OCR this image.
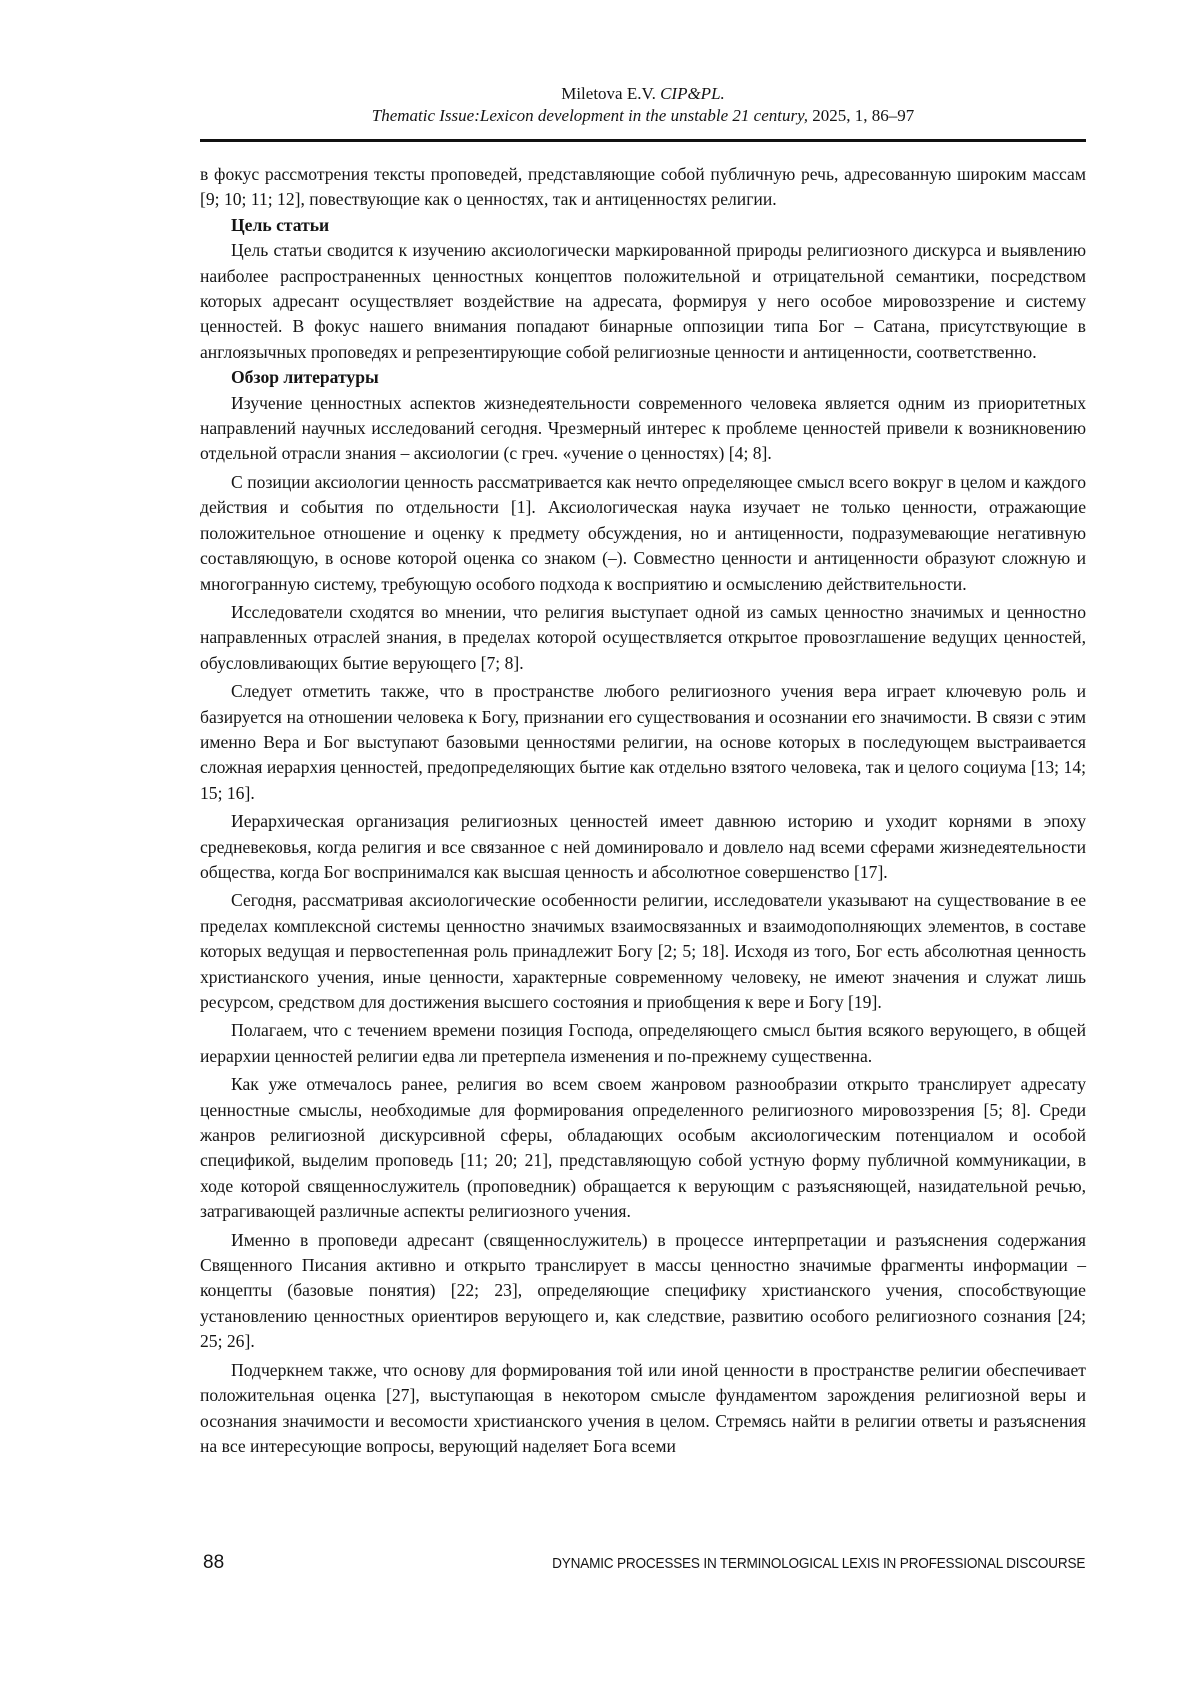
Miletova E.V. CIP&PL.
Thematic Issue:Lexicon development in the unstable 21 century, 2025, 1, 86–97

в фокус рассмотрения тексты проповедей, представляющие собой публичную речь, адресованную широким массам [9; 10; 11; 12], повествующие как о ценностях, так и антиценностях религии.

Цель статьи

Цель статьи сводится к изучению аксиологически маркированной природы религиозного дискурса и выявлению наиболее распространенных ценностных концептов положительной и отрицательной семантики, посредством которых адресант осуществляет воздействие на адресата, формируя у него особое мировоззрение и систему ценностей. В фокус нашего внимания попадают бинарные оппозиции типа Бог – Сатана, присутствующие в англоязычных проповедях и репрезентирующие собой религиозные ценности и антиценности, соответственно.

Обзор литературы

Изучение ценностных аспектов жизнедеятельности современного человека является одним из приоритетных направлений научных исследований сегодня. Чрезмерный интерес к проблеме ценностей привели к возникновению отдельной отрасли знания – аксиологии (с греч. «учение о ценностях) [4; 8].

С позиции аксиологии ценность рассматривается как нечто определяющее смысл всего вокруг в целом и каждого действия и события по отдельности [1]. Аксиологическая наука изучает не только ценности, отражающие положительное отношение и оценку к предмету обсуждения, но и антиценности, подразумевающие негативную составляющую, в основе которой оценка со знаком (–). Совместно ценности и антиценности образуют сложную и многогранную систему, требующую особого подхода к восприятию и осмыслению действительности.

Исследователи сходятся во мнении, что религия выступает одной из самых ценностно значимых и ценностно направленных отраслей знания, в пределах которой осуществляется открытое провозглашение ведущих ценностей, обусловливающих бытие верующего [7; 8].

Следует отметить также, что в пространстве любого религиозного учения вера играет ключевую роль и базируется на отношении человека к Богу, признании его существования и осознании его значимости. В связи с этим именно Вера и Бог выступают базовыми ценностями религии, на основе которых в последующем выстраивается сложная иерархия ценностей, предопределяющих бытие как отдельно взятого человека, так и целого социума [13; 14; 15; 16].

Иерархическая организация религиозных ценностей имеет давнюю историю и уходит корнями в эпоху средневековья, когда религия и все связанное с ней доминировало и довлело над всеми сферами жизнедеятельности общества, когда Бог воспринимался как высшая ценность и абсолютное совершенство [17].

Сегодня, рассматривая аксиологические особенности религии, исследователи указывают на существование в ее пределах комплексной системы ценностно значимых взаимосвязанных и взаимодополняющих элементов, в составе которых ведущая и первостепенная роль принадлежит Богу [2; 5; 18]. Исходя из того, Бог есть абсолютная ценность христианского учения, иные ценности, характерные современному человеку, не имеют значения и служат лишь ресурсом, средством для достижения высшего состояния и приобщения к вере и Богу [19].

Полагаем, что с течением времени позиция Господа, определяющего смысл бытия всякого верующего, в общей иерархии ценностей религии едва ли претерпела изменения и по-прежнему существенна.

Как уже отмечалось ранее, религия во всем своем жанровом разнообразии открыто транслирует адресату ценностные смыслы, необходимые для формирования определенного религиозного мировоззрения [5; 8]. Среди жанров религиозной дискурсивной сферы, обладающих особым аксиологическим потенциалом и особой спецификой, выделим проповедь [11; 20; 21], представляющую собой устную форму публичной коммуникации, в ходе которой священнослужитель (проповедник) обращается к верующим с разъясняющей, назидательной речью, затрагивающей различные аспекты религиозного учения.

Именно в проповеди адресант (священнослужитель) в процессе интерпретации и разъяснения содержания Священного Писания активно и открыто транслирует в массы ценностно значимые фрагменты информации – концепты (базовые понятия) [22; 23], определяющие специфику христианского учения, способствующие установлению ценностных ориентиров верующего и, как следствие, развитию особого религиозного сознания [24; 25; 26].

Подчеркнем также, что основу для формирования той или иной ценности в пространстве религии обеспечивает положительная оценка [27], выступающая в некотором смысле фундаментом зарождения религиозной веры и осознания значимости и весомости христианского учения в целом. Стремясь найти в религии ответы и разъяснения на все интересующие вопросы, верующий наделяет Бога всеми

88	DYNAMIC PROCESSES IN TERMINOLOGICAL LEXIS IN PROFESSIONAL DISCOURSE
